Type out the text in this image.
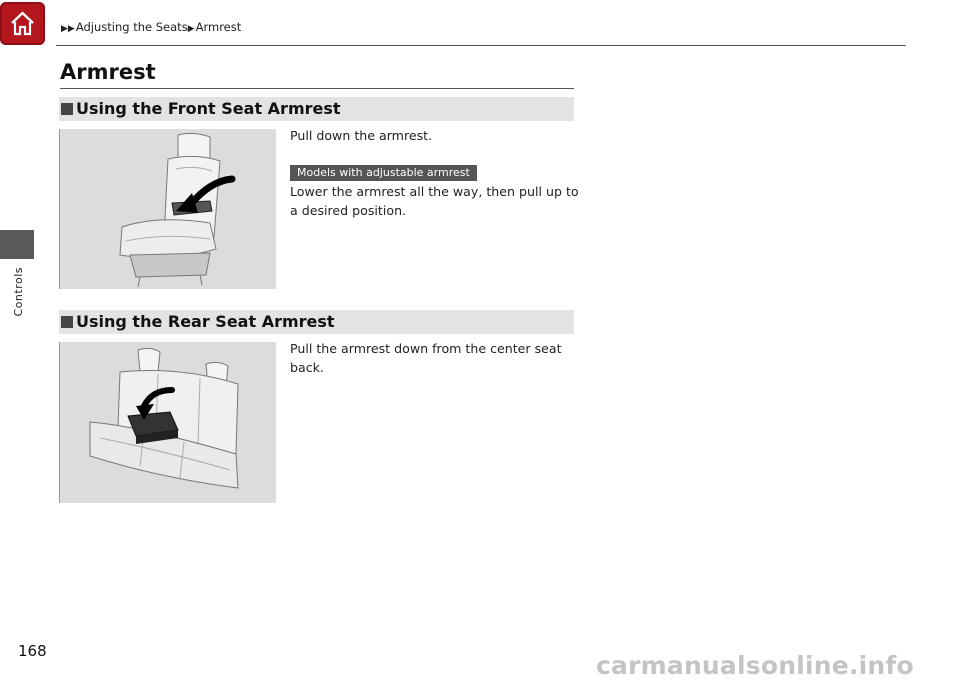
▶▶Adjusting the Seats▶Armrest
Controls
Armrest
Using the Front Seat Armrest

Pull down the armrest.

Models with adjustable armrest

Lower the armrest all the way, then pull up to a desired position.

Using the Rear Seat Armrest

Pull the armrest down from the center seat back.

168	carmanualsonline.info
